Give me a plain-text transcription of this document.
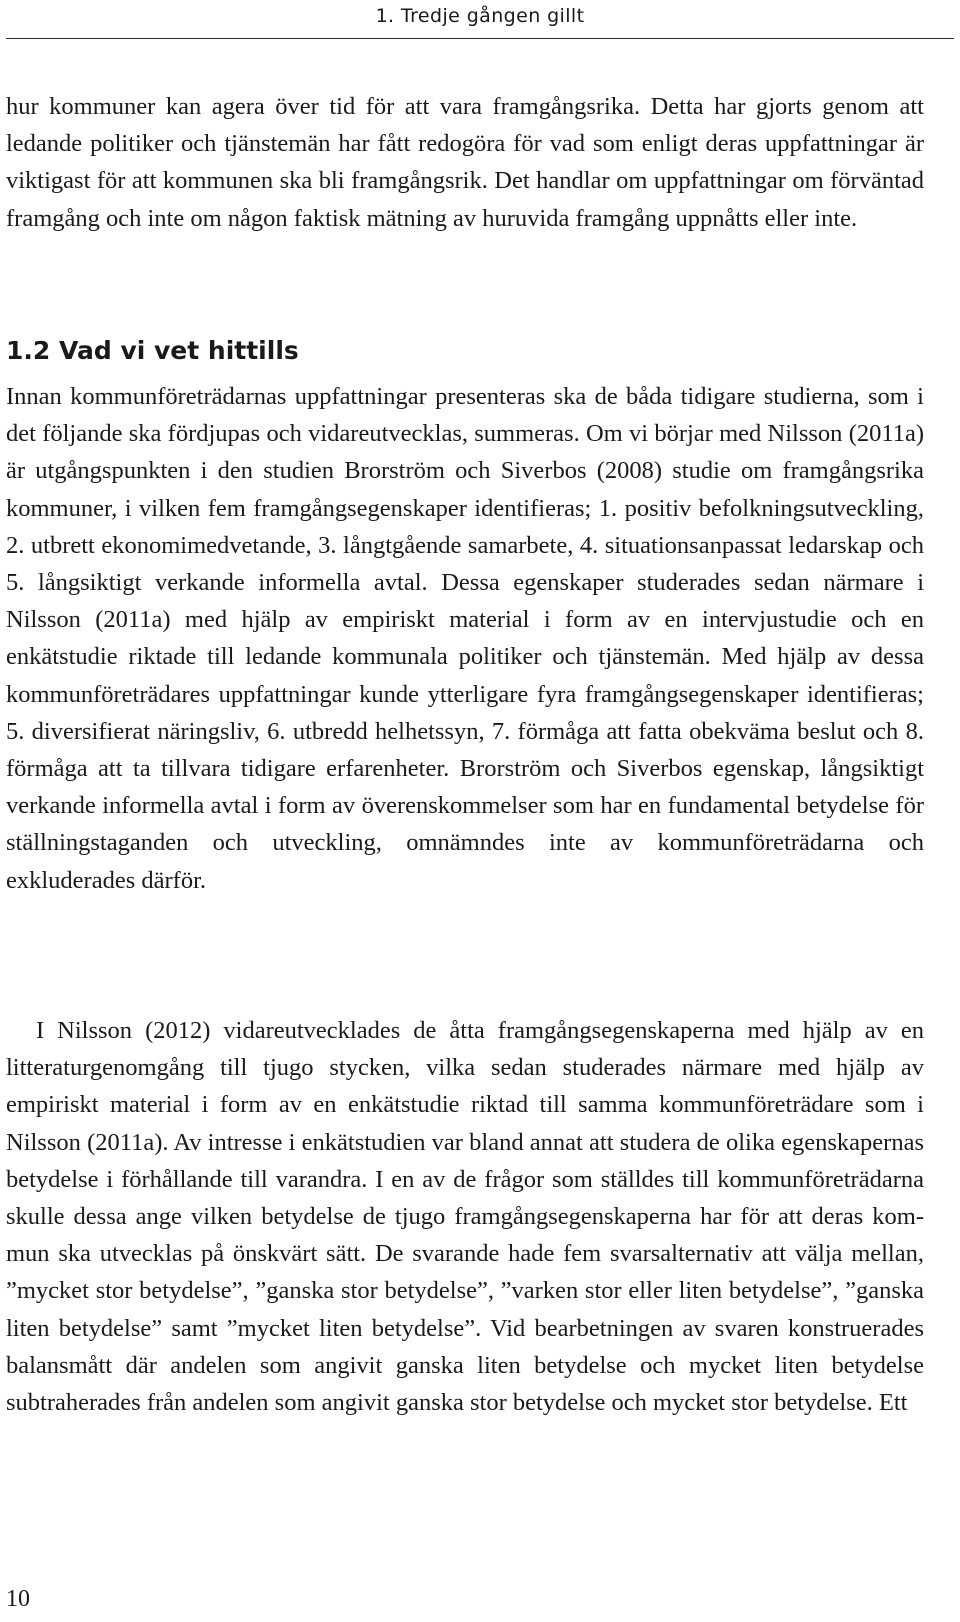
1. Tredje gången gillt

hur kommuner kan agera över tid för att vara framgångsrika. Detta har gjorts genom att ledande politiker och tjänstemän har fått redogöra för vad som enligt deras uppfattningar är viktigast för att kommunen ska bli framgångsrik. Det handlar om uppfattningar om förväntad framgång och inte om någon faktisk mätning av huruvida framgång uppnåtts eller inte.

1.2 Vad vi vet hittills

Innan kommunföreträdarnas uppfattningar presenteras ska de båda tidigare studierna, som i det följande ska fördjupas och vidareutvecklas, summeras. Om vi börjar med Nilsson (2011a) är utgångspunkten i den studien Brorström och Siverbos (2008) studie om framgångsrika kommuner, i vilken fem framgångsegenskaper identifieras; 1. positiv befolkningsutveckling, 2. utbrett ekonomimedvetande, 3. långtgående samarbete, 4. situationsanpassat ledarskap och 5. långsiktigt verkande informella avtal. Dessa egenskaper studerades sedan närmare i Nilsson (2011a) med hjälp av empiriskt material i form av en intervjustudie och en enkätstudie riktade till ledande kommunala politiker och tjänstemän. Med hjälp av dessa kommunföreträdares uppfattningar kunde ytterligare fyra framgångsegenskaper identifieras; 5. diversifierat näringsliv, 6. utbredd helhetssyn, 7. förmåga att fatta obekväma beslut och 8. förmåga att ta tillvara tidigare erfarenheter. Brorström och Siverbos egenskap, långsiktigt verkande informella avtal i form av överenskommelser som har en fundamental betydelse för ställningstaganden och utveckling, omnämndes inte av kommunföreträdarna och exkluderades därför.

I Nilsson (2012) vidareutvecklades de åtta framgångsegenskaperna med hjälp av en litteraturgenomgång till tjugo stycken, vilka sedan studerades närmare med hjälp av empiriskt material i form av en enkätstudie riktad till samma kommunföreträdare som i Nilsson (2011a). Av intresse i enkätstudien var bland annat att studera de olika egenskapernas betydelse i förhållande till varandra. I en av de frågor som ställdes till kommunföreträdarna skulle dessa ange vilken betydelse de tjugo framgångsegenskaperna har för att deras kommun ska utvecklas på önskvärt sätt. De svarande hade fem svarsalternativ att välja mellan, ”mycket stor betydelse”, ”ganska stor betydelse”, ”varken stor eller liten betydelse”, ”ganska liten betydelse” samt ”mycket liten betydelse”. Vid bearbetningen av svaren konstruerades balansmått där andelen som angivit ganska liten betydelse och mycket liten betydelse subtraherades från andelen som angivit ganska stor betydelse och mycket stor betydelse. Ett

10
